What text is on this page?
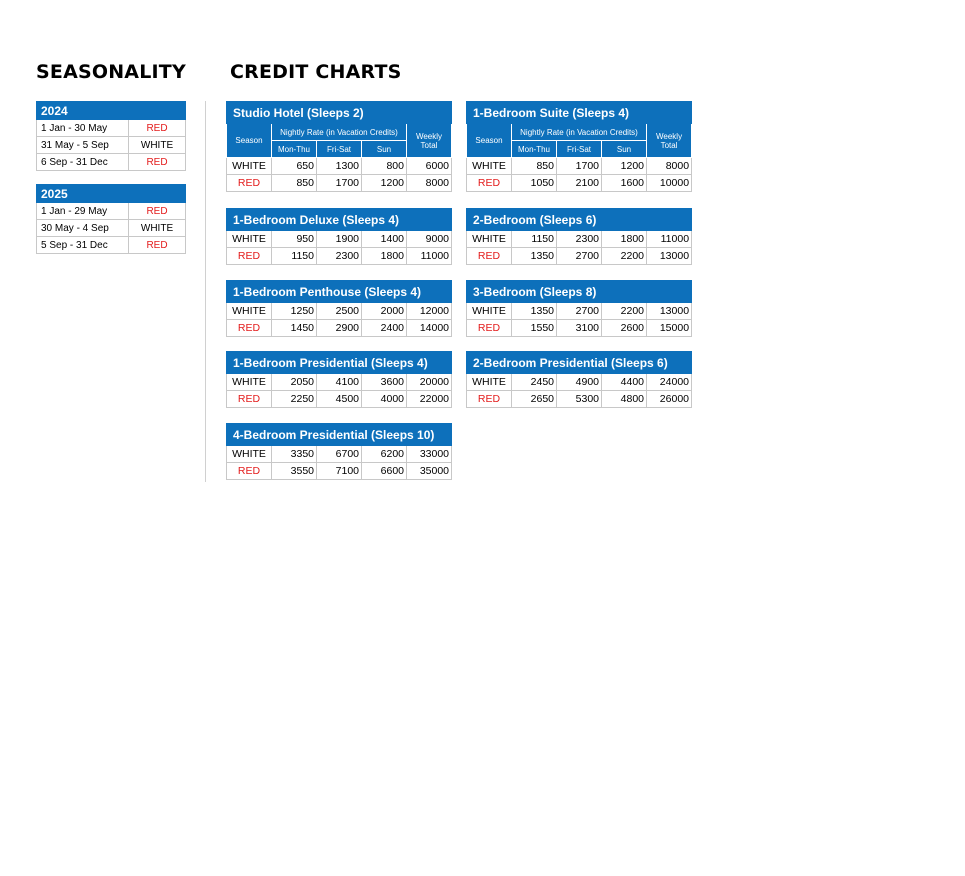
SEASONALITY CREDIT CHARTS
2024	
1 Jan - 30 May	RED
31 May - 5 Sep	WHITE
6 Sep - 31 Dec	RED
2025	
1 Jan - 29 May	RED
30 May - 4 Sep	WHITE
5 Sep - 31 Dec	RED
Studio Hotel (Sleeps 2)				
Season	Nightly Rate (in Vacation Credits)			Weekly Total
	Mon-Thu	Fri-Sat	Sun	
WHITE	650	1300	800	6000
RED	850	1700	1200	8000
1-Bedroom Suite (Sleeps 4)				
Season	Nightly Rate (in Vacation Credits)			Weekly Total
	Mon-Thu	Fri-Sat	Sun	
WHITE	850	1700	1200	8000
RED	1050	2100	1600	10000
1-Bedroom Deluxe (Sleeps 4)				
WHITE	950	1900	1400	9000
RED	1150	2300	1800	11000
2-Bedroom (Sleeps 6)				
WHITE	1150	2300	1800	11000
RED	1350	2700	2200	13000
1-Bedroom Penthouse (Sleeps 4)				
WHITE	1250	2500	2000	12000
RED	1450	2900	2400	14000
3-Bedroom (Sleeps 8)				
WHITE	1350	2700	2200	13000
RED	1550	3100	2600	15000
1-Bedroom Presidential (Sleeps 4)				
WHITE	2050	4100	3600	20000
RED	2250	4500	4000	22000
2-Bedroom Presidential (Sleeps 6)				
WHITE	2450	4900	4400	24000
RED	2650	5300	4800	26000
4-Bedroom Presidential (Sleeps 10)				
WHITE	3350	6700	6200	33000
RED	3550	7100	6600	35000
